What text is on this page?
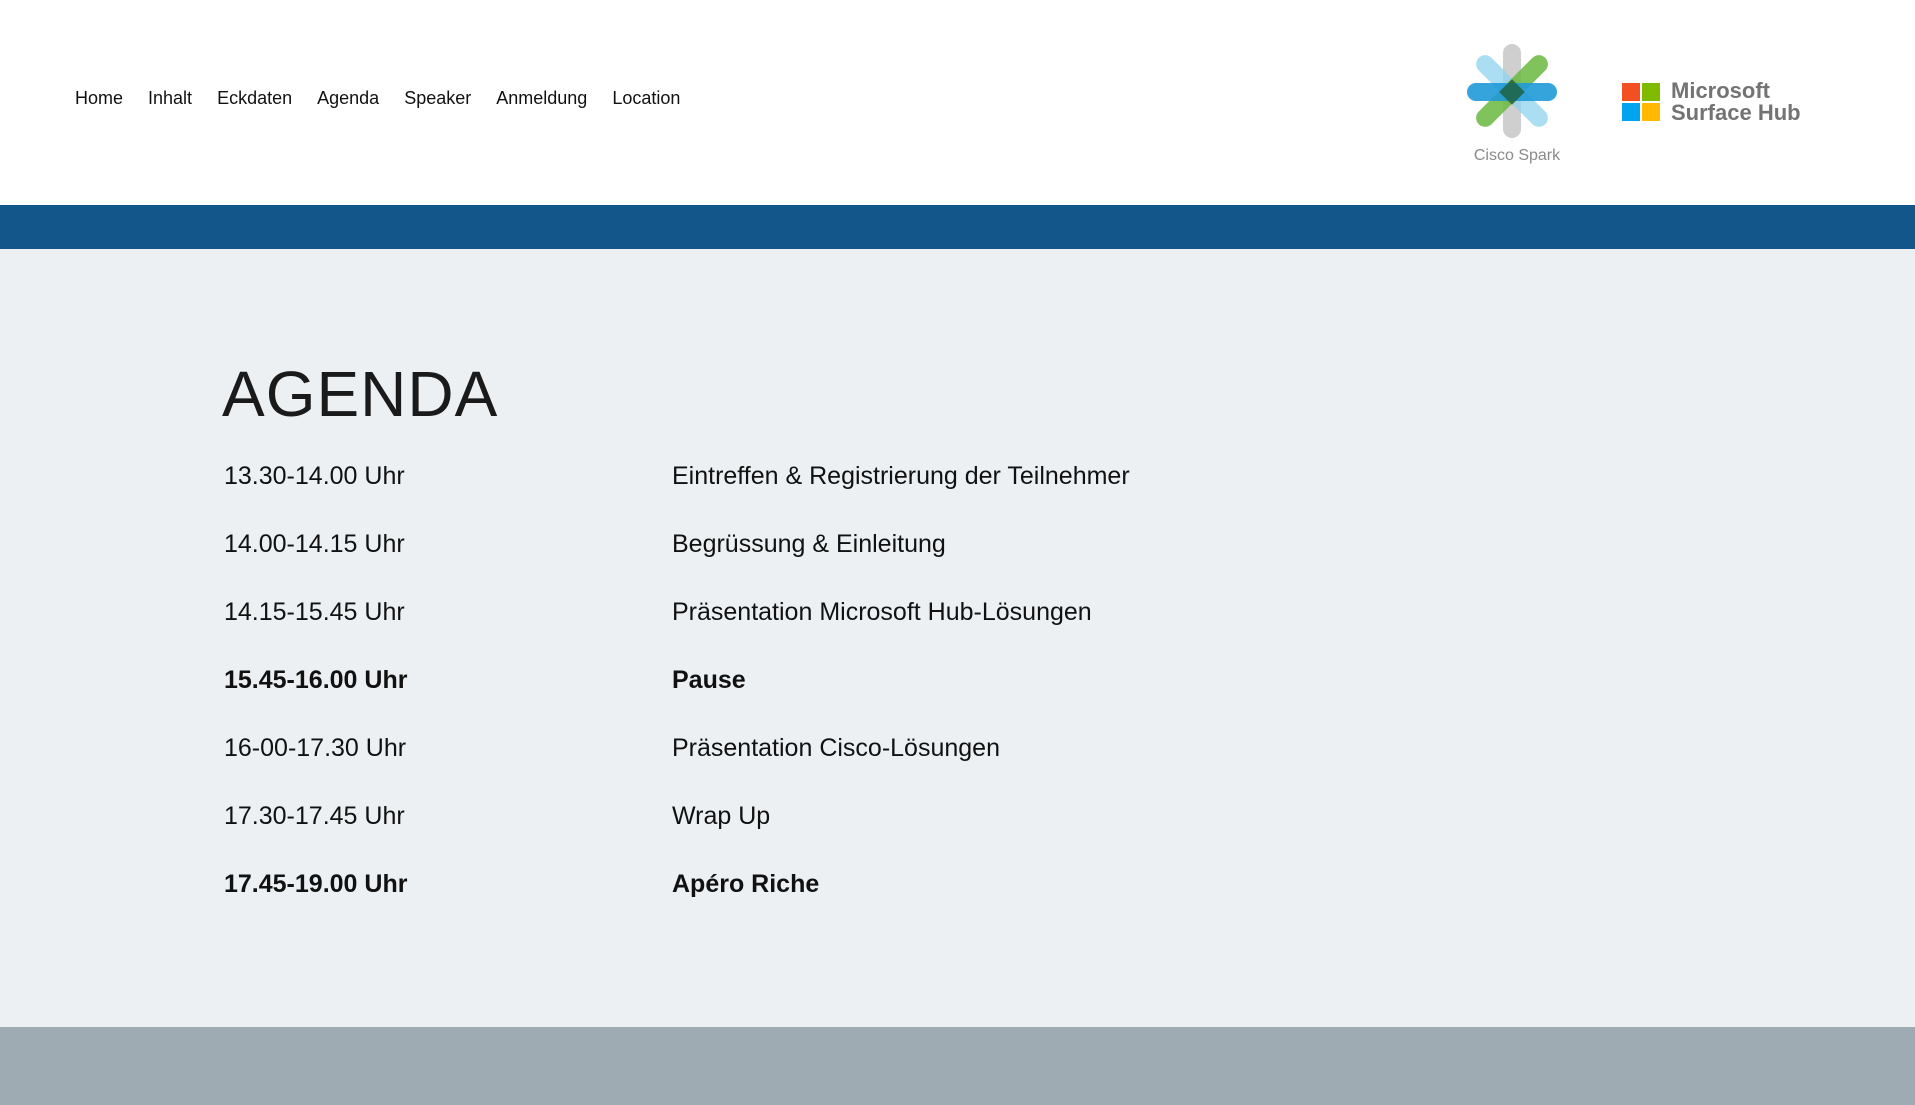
Home Inhalt Eckdaten Agenda Speaker Anmeldung Location
Cisco Spark
Microsoft
Surface Hub
AGENDA
13.30-14.00 Uhr	Eintreffen & Registrierung der Teilnehmer
14.00-14.15 Uhr	Begrüssung & Einleitung
14.15-15.45 Uhr	Präsentation Microsoft Hub-Lösungen
15.45-16.00 Uhr	Pause
16-00-17.30 Uhr	Präsentation Cisco-Lösungen
17.30-17.45 Uhr	Wrap Up
17.45-19.00 Uhr	Apéro Riche
